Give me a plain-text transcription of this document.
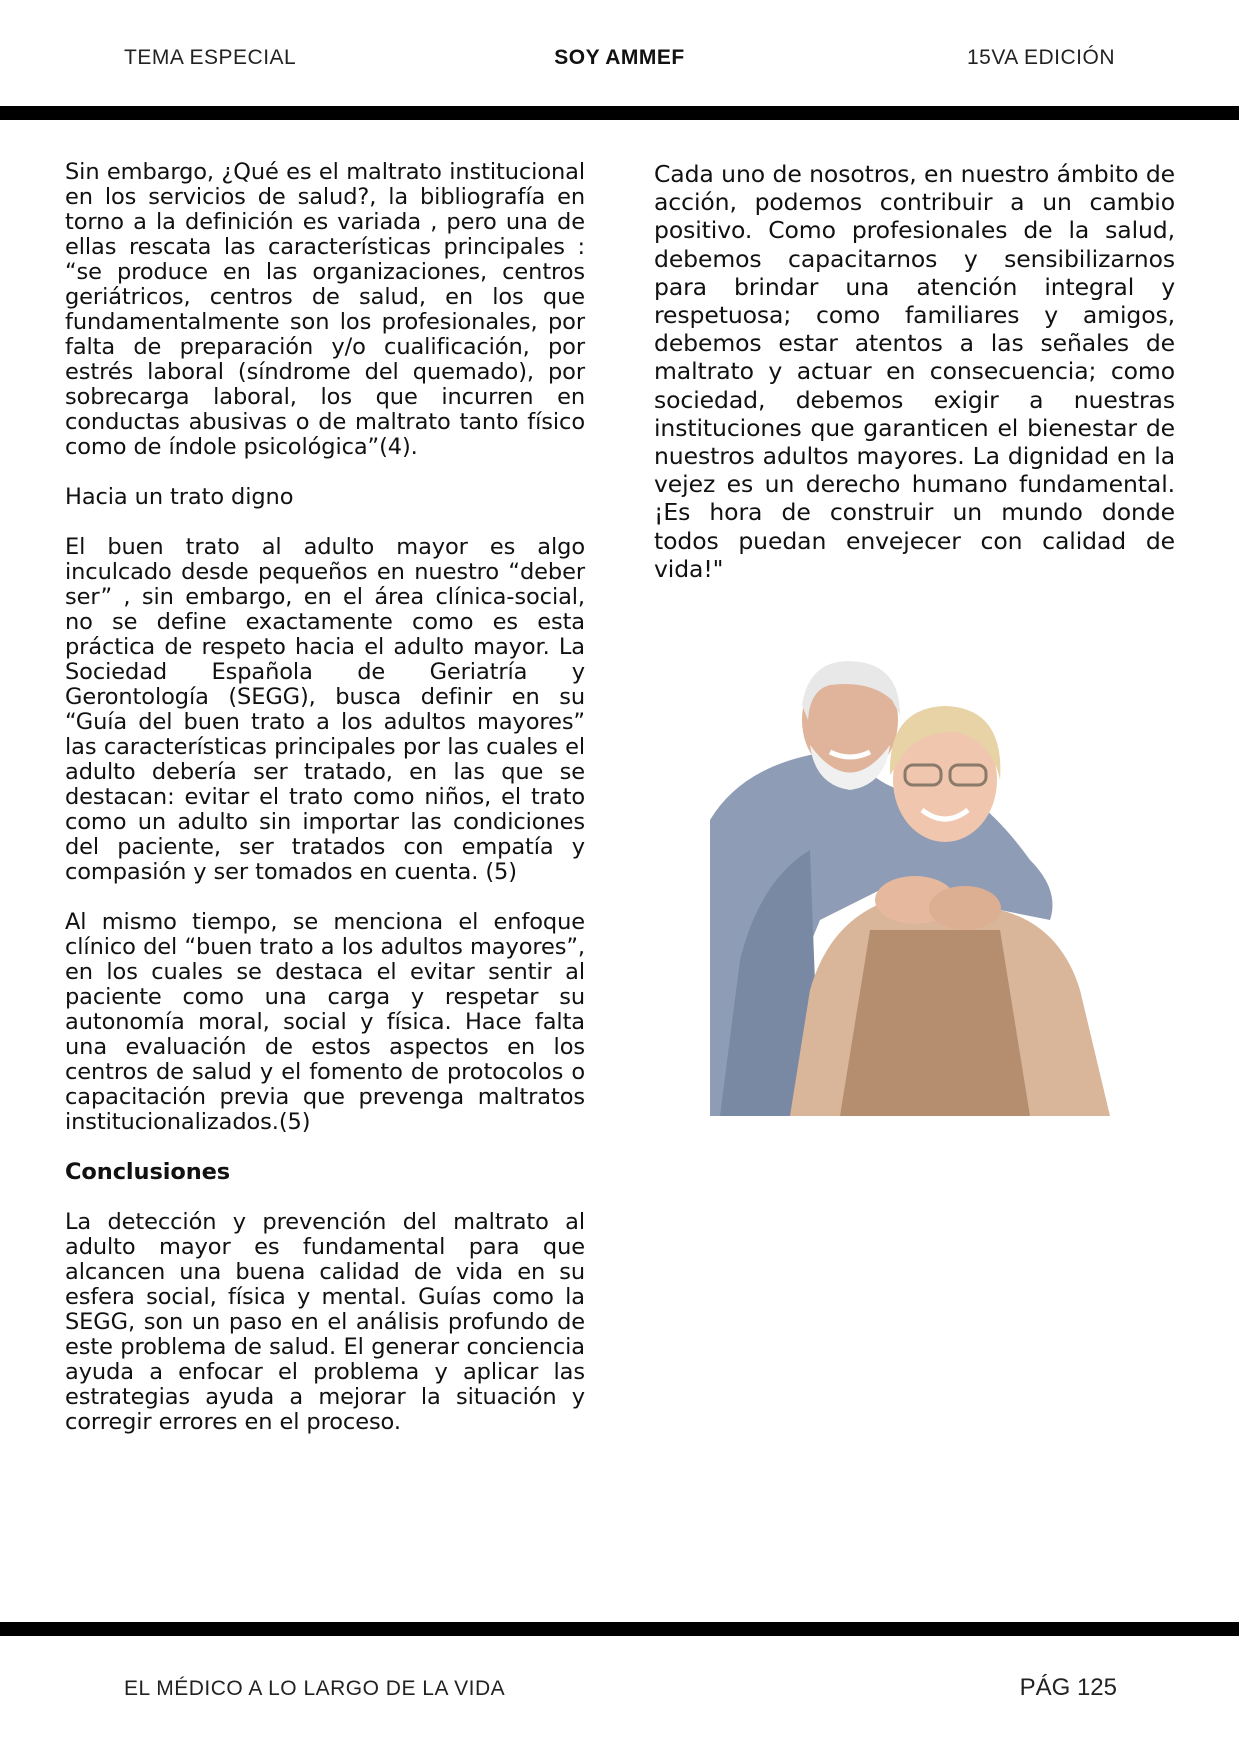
TEMA ESPECIAL	SOY AMMEF	15VA EDICIÓN

Sin embargo, ¿Qué es el maltrato institucional en los servicios de salud?, la bibliografía en torno a la definición es variada , pero una de ellas rescata las características principales : “se produce en las organizaciones, centros geriátricos, centros de salud, en los que fundamentalmente son los profesionales, por falta de preparación y/o cualificación, por estrés laboral (síndrome del quemado), por sobrecarga laboral, los que incurren en conductas abusivas o de maltrato tanto físico como de índole psicológica”(4).

Hacia un trato digno

El buen trato al adulto mayor es algo inculcado desde pequeños en nuestro “deber ser” , sin embargo, en el área clínica-social, no se define exactamente como es esta práctica de respeto hacia el adulto mayor. La Sociedad Española de Geriatría y Gerontología (SEGG), busca definir en su “Guía del buen trato a los adultos mayores” las características principales por las cuales el adulto debería ser tratado, en las que se destacan: evitar el trato como niños, el trato como un adulto sin importar las condiciones del paciente, ser tratados con empatía y compasión y ser tomados en cuenta. (5)

Al mismo tiempo, se menciona el enfoque clínico del “buen trato a los adultos mayores”, en los cuales se destaca el evitar sentir al paciente como una carga y respetar su autonomía moral, social y física. Hace falta una evaluación de estos aspectos en los centros de salud y el fomento de protocolos o capacitación previa que prevenga maltratos institucionalizados.(5)

Conclusiones

La detección y prevención del maltrato al adulto mayor es fundamental para que alcancen una buena calidad de vida en su esfera social, física y mental. Guías como la SEGG, son un paso en el análisis profundo de este problema de salud. El generar conciencia ayuda a enfocar el problema y aplicar las estrategias ayuda a mejorar la situación y corregir errores en el proceso.

Cada uno de nosotros, en nuestro ámbito de acción, podemos contribuir a un cambio positivo. Como profesionales de la salud, debemos capacitarnos y sensibilizarnos para brindar una atención integral y respetuosa; como familiares y amigos, debemos estar atentos a las señales de maltrato y actuar en consecuencia; como sociedad, debemos exigir a nuestras instituciones que garanticen el bienestar de nuestros adultos mayores. La dignidad en la vejez es un derecho humano fundamental. ¡Es hora de construir un mundo donde todos puedan envejecer con calidad de vida!"

EL MÉDICO A LO LARGO DE LA VIDA	PÁG 125
